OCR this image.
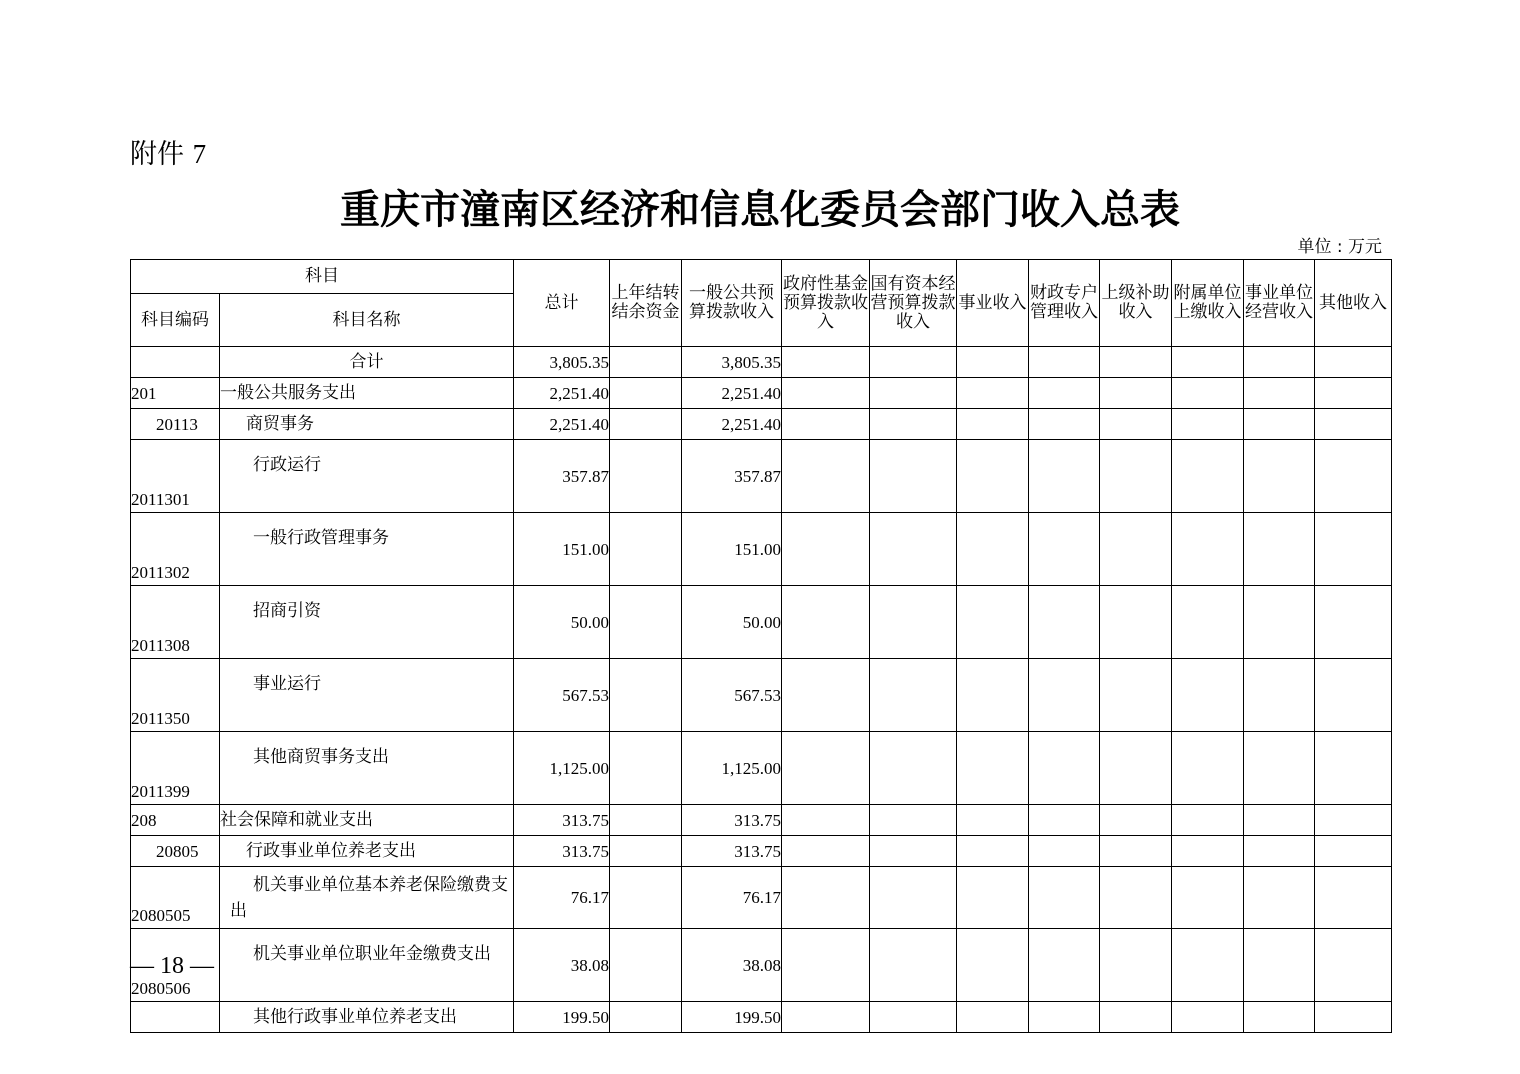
附件 7
重庆市潼南区经济和信息化委员会部门收入总表
单位 : 万元
科目		总计	上年结转结余资金	一般公共预算拨款收入	政府性基金预算拨款收入	国有资本经营预算拨款收入	事业收入	财政专户管理收入	上级补助收入	附属单位上缴收入	事业单位经营收入	其他收入
科目编码	科目名称											
	合计	3,805.35		3,805.35								
201	一般公共服务支出	2,251.40		2,251.40								
20113	商贸事务	2,251.40		2,251.40								
2011301	行政运行	357.87		357.87								
2011302	一般行政管理事务	151.00		151.00								
2011308	招商引资	50.00		50.00								
2011350	事业运行	567.53		567.53								
2011399	其他商贸事务支出	1,125.00		1,125.00								
208	社会保障和就业支出	313.75		313.75								
20805	行政事业单位养老支出	313.75		313.75								
2080505	机关事业单位基本养老保险缴费支出	76.17		76.17								
2080506	机关事业单位职业年金缴费支出	38.08		38.08								
	其他行政事业单位养老支出	199.50		199.50								
— 18 —
